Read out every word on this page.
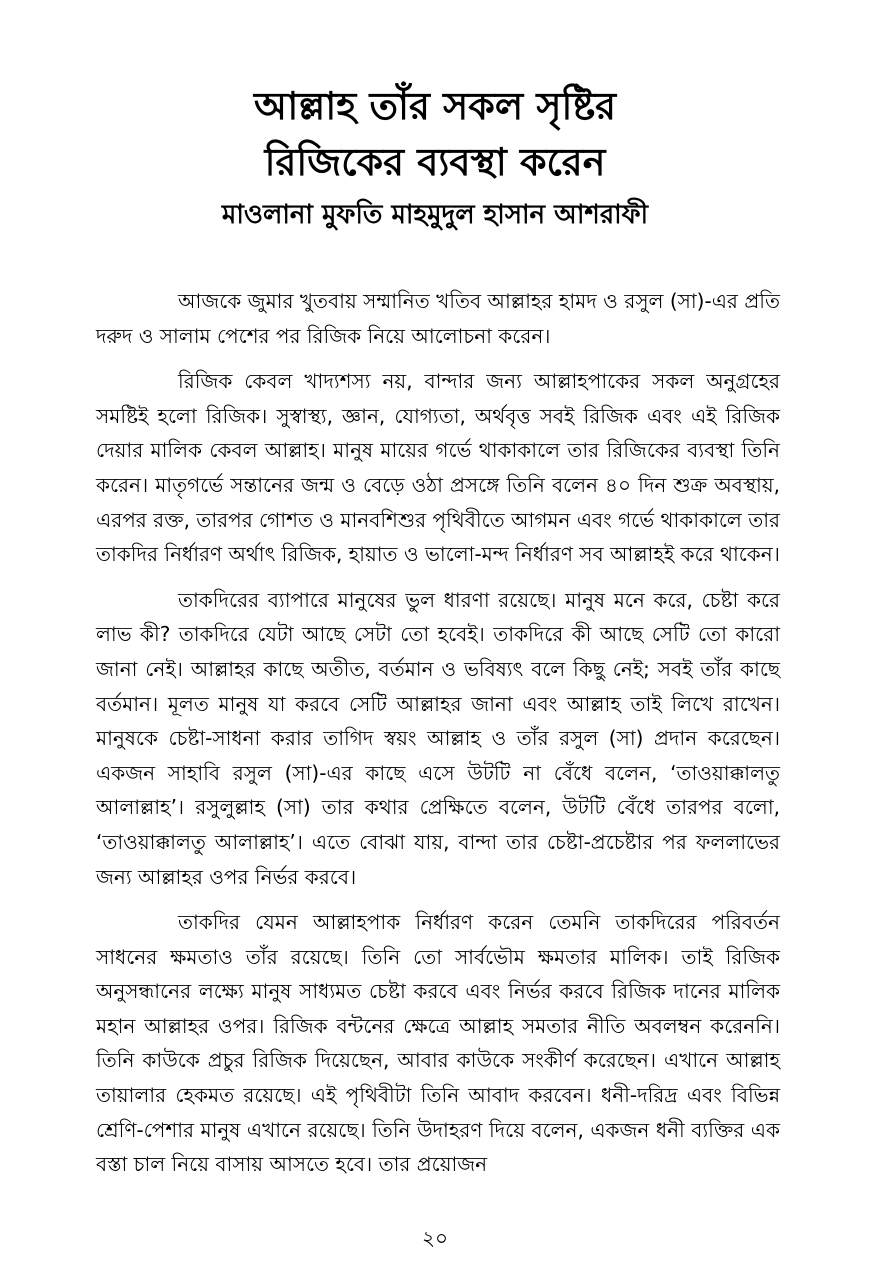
আল্লাহ তাঁর সকল সৃষ্টির
রিজিকের ব্যবস্থা করেন
মাওলানা মুফতি মাহমুদুল হাসান আশরাফী

আজকে জুমার খুতবায় সম্মানিত খতিব আল্লাহর হামদ ও রসুল (সা)-এর প্রতি দরুদ ও সালাম পেশের পর রিজিক নিয়ে আলোচনা করেন।

রিজিক কেবল খাদ্যশস্য নয়, বান্দার জন্য আল্লাহপাকের সকল অনুগ্রহের সমষ্টিই হলো রিজিক। সুস্বাস্থ্য, জ্ঞান, যোগ্যতা, অর্থবৃত্ত সবই রিজিক এবং এই রিজিক দেয়ার মালিক কেবল আল্লাহ। মানুষ মায়ের গর্ভে থাকাকালে তার রিজিকের ব্যবস্থা তিনি করেন। মাতৃগর্ভে সন্তানের জন্ম ও বেড়ে ওঠা প্রসঙ্গে তিনি বলেন ৪০ দিন শুক্র অবস্থায়, এরপর রক্ত, তারপর গোশত ও মানবশিশুর পৃথিবীতে আগমন এবং গর্ভে থাকাকালে তার তাকদির নির্ধারণ অর্থাৎ রিজিক, হায়াত ও ভালো-মন্দ নির্ধারণ সব আল্লাহই করে থাকেন।

তাকদিরের ব্যাপারে মানুষের ভুল ধারণা রয়েছে। মানুষ মনে করে, চেষ্টা করে লাভ কী? তাকদিরে যেটা আছে সেটা তো হবেই। তাকদিরে কী আছে সেটি তো কারো জানা নেই। আল্লাহর কাছে অতীত, বর্তমান ও ভবিষ্যৎ বলে কিছু নেই; সবই তাঁর কাছে বর্তমান। মূলত মানুষ যা করবে সেটি আল্লাহর জানা এবং আল্লাহ তাই লিখে রাখেন। মানুষকে চেষ্টা-সাধনা করার তাগিদ স্বয়ং আল্লাহ ও তাঁর রসুল (সা) প্রদান করেছেন। একজন সাহাবি রসুল (সা)-এর কাছে এসে উটটি না বেঁধে বলেন, ‘তাওয়াক্কালতু আলাল্লাহ’। রসুলুল্লাহ (সা) তার কথার প্রেক্ষিতে বলেন, উটটি বেঁধে তারপর বলো, ‘তাওয়াক্কালতু আলাল্লাহ’। এতে বোঝা যায়, বান্দা তার চেষ্টা-প্রচেষ্টার পর ফললাভের জন্য আল্লাহর ওপর নির্ভর করবে।

তাকদির যেমন আল্লাহপাক নির্ধারণ করেন তেমনি তাকদিরের পরিবর্তন সাধনের ক্ষমতাও তাঁর রয়েছে। তিনি তো সার্বভৌম ক্ষমতার মালিক। তাই রিজিক অনুসন্ধানের লক্ষ্যে মানুষ সাধ্যমত চেষ্টা করবে এবং নির্ভর করবে রিজিক দানের মালিক মহান আল্লাহর ওপর। রিজিক বন্টনের ক্ষেত্রে আল্লাহ সমতার নীতি অবলম্বন করেননি। তিনি কাউকে প্রচুর রিজিক দিয়েছেন, আবার কাউকে সংকীর্ণ করেছেন। এখানে আল্লাহ তায়ালার হেকমত রয়েছে। এই পৃথিবীটা তিনি আবাদ করবেন। ধনী-দরিদ্র এবং বিভিন্ন শ্রেণি-পেশার মানুষ এখানে রয়েছে। তিনি উদাহরণ দিয়ে বলেন, একজন ধনী ব্যক্তির এক বস্তা চাল নিয়ে বাসায় আসতে হবে। তার প্রয়োজন

২০
